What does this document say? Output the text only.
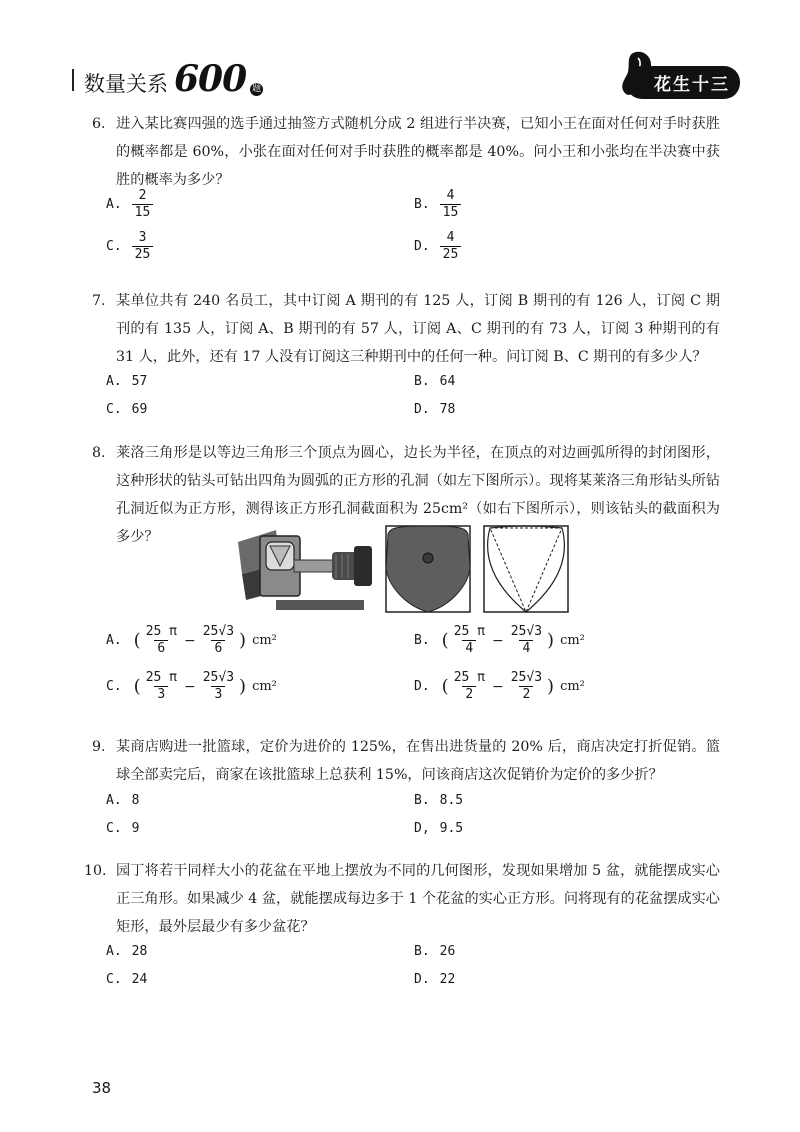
数量关系 600 题	花生十三
6. 进入某比赛四强的选手通过抽签方式随机分成 2 组进行半决赛，已知小王在面对任何对手时获胜的概率都是 60%，小张在面对任何对手时获胜的概率都是 40%。问小王和小张均在半决赛中获胜的概率为多少？
A. $\frac{2}{15}$	B. $\frac{4}{15}$
C. $\frac{3}{25}$	D. $\frac{4}{25}$
7. 某单位共有 240 名员工，其中订阅 A 期刊的有 125 人，订阅 B 期刊的有 126 人，订阅 C 期刊的有 135 人，订阅 A、B 期刊的有 57 人，订阅 A、C 期刊的有 73 人，订阅 3 种期刊的有 31 人，此外，还有 17 人没有订阅这三种期刊中的任何一种。问订阅 B、C 期刊的有多少人？
A. 57	B. 64
C. 69	D. 78
8. 莱洛三角形是以等边三角形三个顶点为圆心，边长为半径，在顶点的对边画弧所得的封闭图形，这种形状的钻头可钻出四角为圆弧的正方形的孔洞（如左下图所示）。现将某莱洛三角形钻头所钻孔洞近似为正方形，测得该正方形孔洞截面积为 25cm²（如右下图所示），则该钻头的截面积为多少？
A. ( $\frac{25 \pi}{6} - \frac{25√3}{6}$ ) cm²	B. ( $\frac{25 \pi}{4} - \frac{25√3}{4}$ ) cm²
C. ( $\frac{25 \pi}{3} - \frac{25√3}{3}$ ) cm²	D. ( $\frac{25 \pi}{2} - \frac{25√3}{2}$ ) cm²
9. 某商店购进一批篮球，定价为进价的 125%，在售出进货量的 20% 后，商店决定打折促销。篮球全部卖完后，商家在该批篮球上总获利 15%，问该商店这次促销价为定价的多少折？
A. 8	B. 8.5
C. 9	D, 9.5
10. 园丁将若干同样大小的花盆在平地上摆放为不同的几何图形，发现如果增加 5 盆，就能摆成实心正三角形。如果减少 4 盆，就能摆成每边多于 1 个花盆的实心正方形。问将现有的花盆摆成实心矩形，最外层最少有多少盆花？
A. 28	B. 26
C. 24	D. 22
38
